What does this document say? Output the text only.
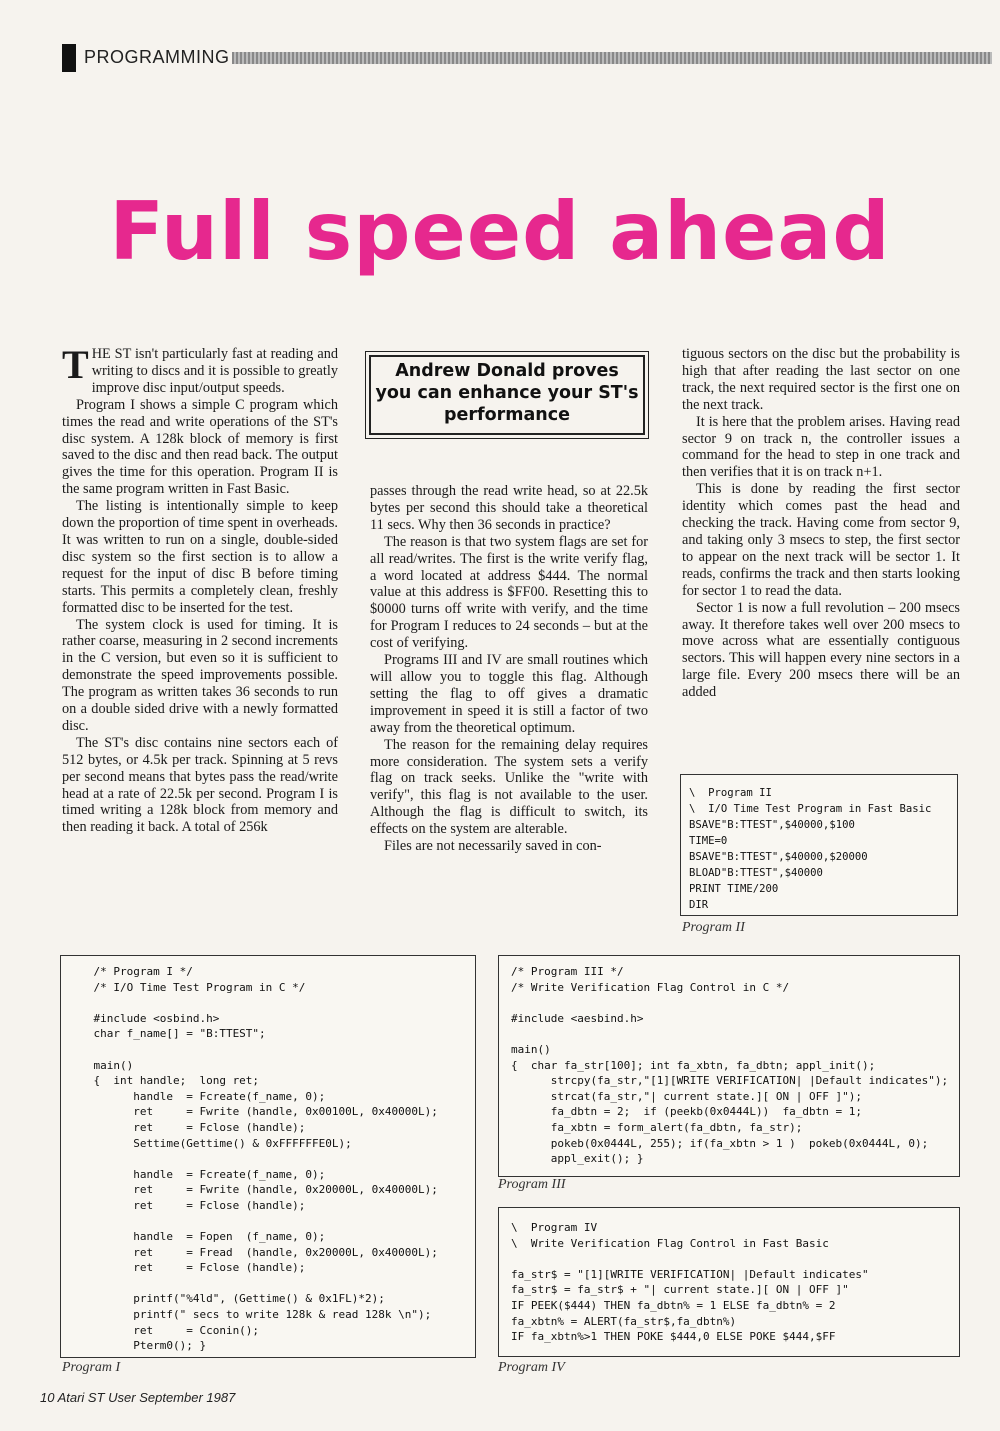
PROGRAMMING
Full speed ahead

THE ST isn't particularly fast at reading and writing to discs and it is possible to greatly improve disc input/output speeds.

Program I shows a simple C program which times the read and write operations of the ST's disc system. A 128k block of memory is first saved to the disc and then read back. The output gives the time for this operation. Program II is the same program written in Fast Basic.

The listing is intentionally simple to keep down the proportion of time spent in overheads. It was written to run on a single, double-sided disc system so the first section is to allow a request for the input of disc B before timing starts. This permits a completely clean, freshly formatted disc to be inserted for the test.

The system clock is used for timing. It is rather coarse, measuring in 2 second increments in the C version, but even so it is sufficient to demonstrate the speed improvements possible. The program as written takes 36 seconds to run on a double sided drive with a newly formatted disc.

The ST's disc contains nine sectors each of 512 bytes, or 4.5k per track. Spinning at 5 revs per second means that bytes pass the read/write head at a rate of 22.5k per second. Program I is timed writing a 128k block from memory and then reading it back. A total of 256k

Andrew Donald proves you can enhance your ST's performance

passes through the read write head, so at 22.5k bytes per second this should take a theoretical 11 secs. Why then 36 seconds in practice?

The reason is that two system flags are set for all read/writes. The first is the write verify flag, a word located at address $444. The normal value at this address is $FF00. Resetting this to $0000 turns off write with verify, and the time for Program I reduces to 24 seconds – but at the cost of verifying.

Programs III and IV are small routines which will allow you to toggle this flag. Although setting the flag to off gives a dramatic improvement in speed it is still a factor of two away from the theoretical optimum.

The reason for the remaining delay requires more consideration. The system sets a verify flag on track seeks. Unlike the "write with verify", this flag is not available to the user. Although the flag is difficult to switch, its effects on the system are alterable.

Files are not necessarily saved in con-

tiguous sectors on the disc but the probability is high that after reading the last sector on one track, the next required sector is the first one on the next track.

It is here that the problem arises. Having read sector 9 on track n, the controller issues a command for the head to step in one track and then verifies that it is on track n+1.

This is done by reading the first sector identity which comes past the head and checking the track. Having come from sector 9, and taking only 3 msecs to step, the first sector to appear on the next track will be sector 1. It reads, confirms the track and then starts looking for sector 1 to read the data.

Sector 1 is now a full revolution – 200 msecs away. It therefore takes well over 200 msecs to move across what are essentially contiguous sectors. This will happen every nine sectors in a large file. Every 200 msecs there will be an added

\  Program II
\  I/O Time Test Program in Fast Basic
BSAVE"B:TTEST",$40000,$100
TIME=0
BSAVE"B:TTEST",$40000,$20000
BLOAD"B:TTEST",$40000
PRINT TIME/200
DIR
Program II
/* Program I */
/* I/O Time Test Program in C */

#include <osbind.h>
char f_name[] = "B:TTEST";

main()
{  int handle;  long ret;
handle  = Fcreate(f_name, 0);
ret     = Fwrite (handle, 0x00100L, 0x40000L);
ret     = Fclose (handle);
Settime(Gettime() & 0xFFFFFFE0L);

handle  = Fcreate(f_name, 0);
ret     = Fwrite (handle, 0x20000L, 0x40000L);
ret     = Fclose (handle);

handle  = Fopen  (f_name, 0);
ret     = Fread  (handle, 0x20000L, 0x40000L);
ret     = Fclose (handle);

printf("%4ld", (Gettime() & 0x1FL)*2);
printf(" secs to write 128k & read 128k \n");
ret     = Cconin();
Pterm0(); }
Program I
/* Program III */
/* Write Verification Flag Control in C */

#include <aesbind.h>

main()
{  char fa_str[100]; int fa_xbtn, fa_dbtn; appl_init();
strcpy(fa_str,"[1][WRITE VERIFICATION| |Default indicates");
strcat(fa_str,"| current state.][ ON | OFF ]");
fa_dbtn = 2;  if (peekb(0x0444L))  fa_dbtn = 1;
fa_xbtn = form_alert(fa_dbtn, fa_str);
pokeb(0x0444L, 255); if(fa_xbtn > 1 )  pokeb(0x0444L, 0);
appl_exit(); }
Program III
\  Program IV
\  Write Verification Flag Control in Fast Basic

fa_str$ = "[1][WRITE VERIFICATION| |Default indicates"
fa_str$ = fa_str$ + "| current state.][ ON | OFF ]"
IF PEEK($444) THEN fa_dbtn% = 1 ELSE fa_dbtn% = 2
fa_xbtn% = ALERT(fa_str$,fa_dbtn%)
IF fa_xbtn%>1 THEN POKE $444,0 ELSE POKE $444,$FF
Program IV
10 Atari ST User September 1987
